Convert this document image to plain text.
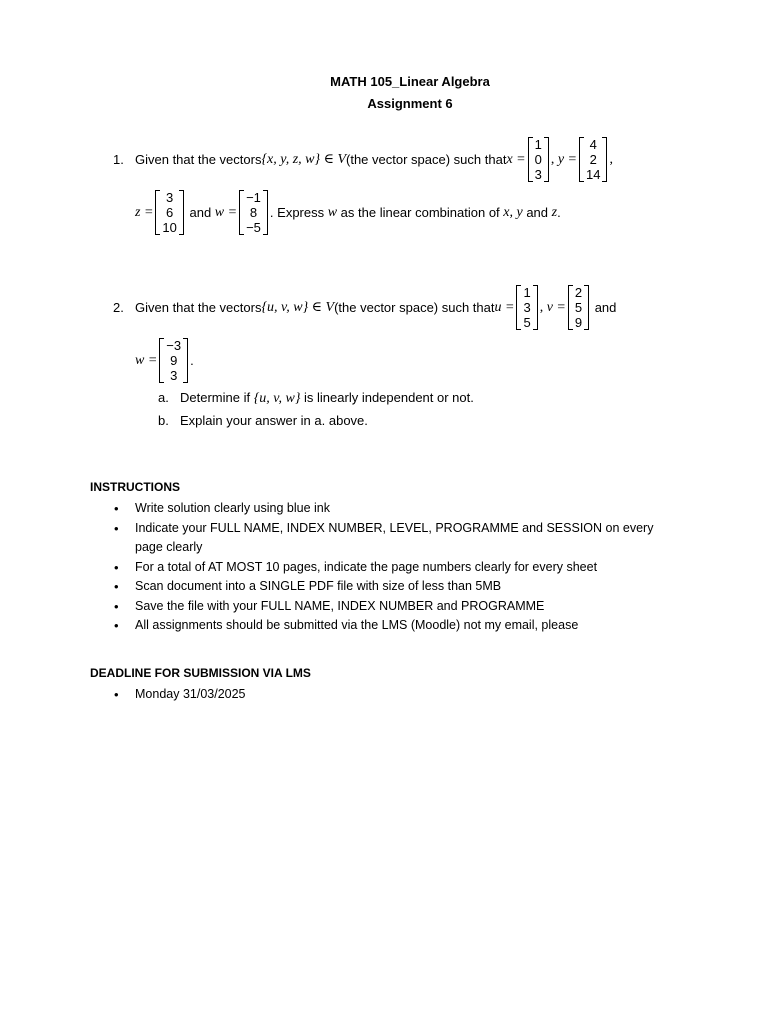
MATH 105_Linear Algebra
Assignment 6
1. Given that the vectors {x, y, z, w} ∈ V (the vector space) such that x =
1
0
3
, y =
4
2
14
,
z =
3
6
10
and w =
−1
8
−5
. Express w as the linear combination of x, y and z .
2. Given that the vectors {u, v, w} ∈ V (the vector space) such that u =
1
3
5
, v =
2
5
9
and
w =
−3
9
3
.
a. Determine if {u, v, w} is linearly independent or not.
b. Explain your answer in a. above.
INSTRUCTIONS
• Write solution clearly using blue ink
• Indicate your FULL NAME, INDEX NUMBER, LEVEL, PROGRAMME and SESSION on every page clearly
• For a total of AT MOST 10 pages, indicate the page numbers clearly for every sheet
• Scan document into a SINGLE PDF file with size of less than 5MB
• Save the file with your FULL NAME, INDEX NUMBER and PROGRAMME
• All assignments should be submitted via the LMS (Moodle) not my email, please
DEADLINE FOR SUBMISSION VIA LMS
• Monday 31/03/2025
